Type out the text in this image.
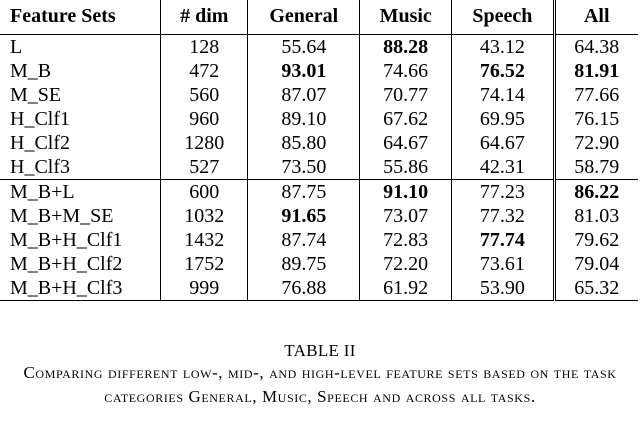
Feature Sets	# dim	General	Music	Speech	All
L	128	55.64	88.28	43.12	64.38
M_B	472	93.01	74.66	76.52	81.91
M_SE	560	87.07	70.77	74.14	77.66
H_Clf1	960	89.10	67.62	69.95	76.15
H_Clf2	1280	85.80	64.67	64.67	72.90
H_Clf3	527	73.50	55.86	42.31	58.79
M_B+L	600	87.75	91.10	77.23	86.22
M_B+M_SE	1032	91.65	73.07	77.32	81.03
M_B+H_Clf1	1432	87.74	72.83	77.74	79.62
M_B+H_Clf2	1752	89.75	72.20	73.61	79.04
M_B+H_Clf3	999	76.88	61.92	53.90	65.32
TABLE II
Comparing different low-, mid-, and high-level feature sets based on the task categories General, Music, Speech and across all tasks.
